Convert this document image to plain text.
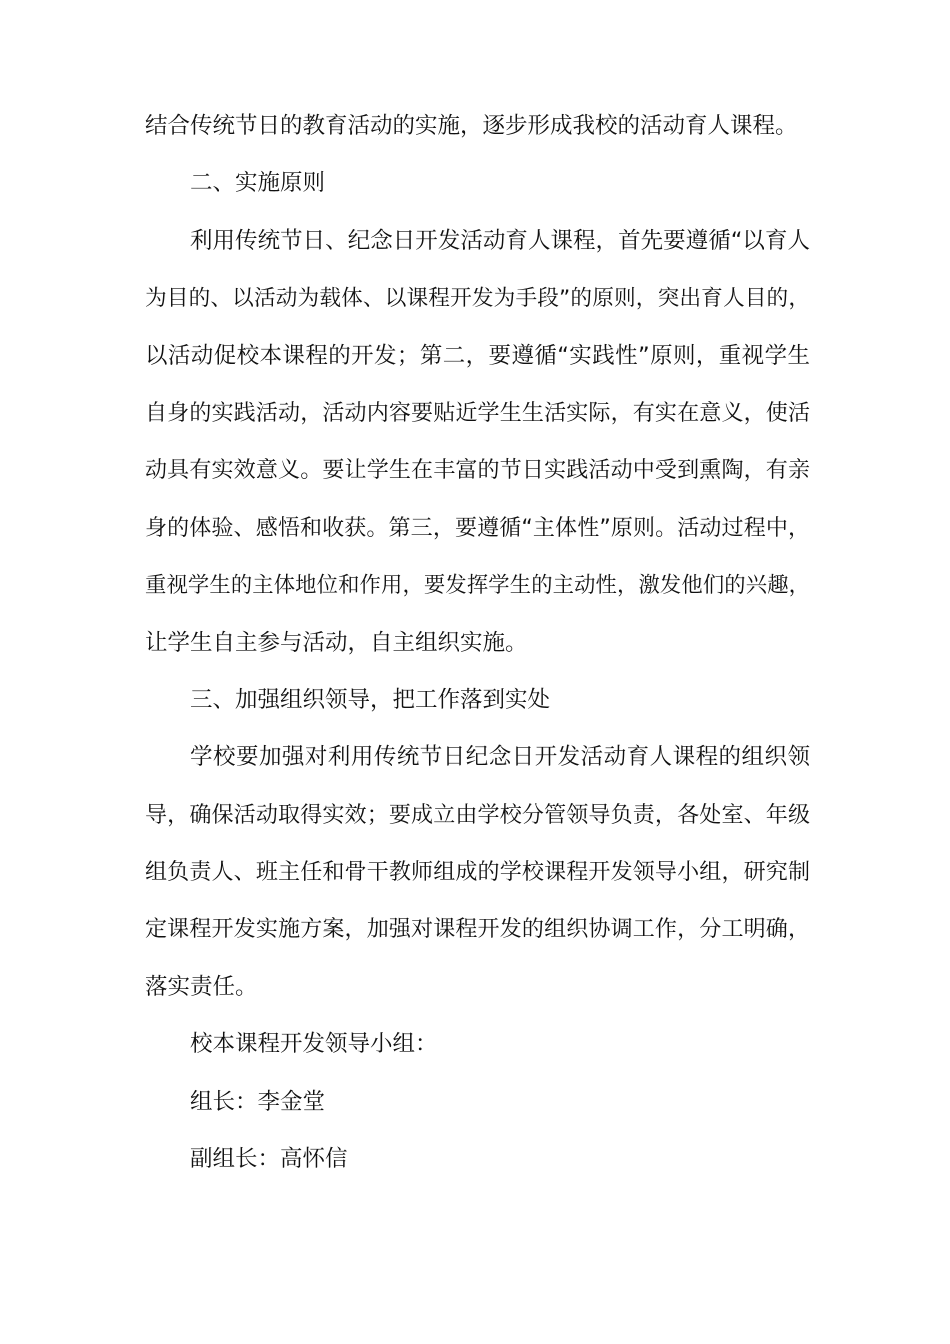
结合传统节日的教育活动的实施，逐步形成我校的活动育人课程。
二、实施原则
利用传统节日、纪念日开发活动育人课程，首先要遵循“以育人
为目的、以活动为载体、以课程开发为手段”的原则，突出育人目的，
以活动促校本课程的开发；第二，要遵循“实践性”原则，重视学生
自身的实践活动，活动内容要贴近学生生活实际，有实在意义，使活
动具有实效意义。要让学生在丰富的节日实践活动中受到熏陶，有亲
身的体验、感悟和收获。第三，要遵循“主体性”原则。活动过程中，
重视学生的主体地位和作用，要发挥学生的主动性，激发他们的兴趣，
让学生自主参与活动，自主组织实施。
三、加强组织领导，把工作落到实处
学校要加强对利用传统节日纪念日开发活动育人课程的组织领
导，确保活动取得实效；要成立由学校分管领导负责，各处室、年级
组负责人、班主任和骨干教师组成的学校课程开发领导小组，研究制
定课程开发实施方案，加强对课程开发的组织协调工作，分工明确，
落实责任。
校本课程开发领导小组：
组长：李金堂
副组长：高怀信
